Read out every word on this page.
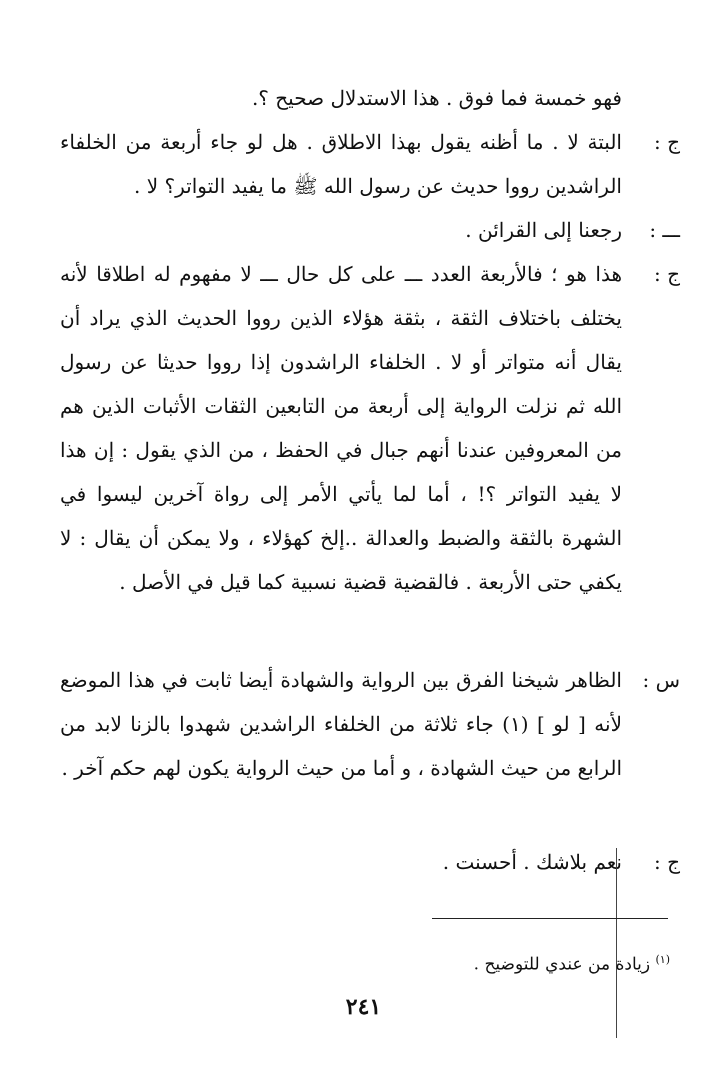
فهو خمسة فما فوق . هذا الاستدلال صحيح ؟.
ج :
البتة لا . ما أظنه يقول بهذا الاطلاق . هل لو جاء أربعة من الخلفاء الراشدين رووا حديث عن رسول الله ﷺ ما يفيد التواتر؟ لا .
ـــ :
رجعنا إلى القرائن .
ج :
هذا هو ؛ فالأربعة العدد ـــ على كل حال ـــ لا مفهوم له اطلاقا لأنه يختلف باختلاف الثقة ، بثقة هؤلاء الذين رووا الحديث الذي يراد أن يقال أنه متواتر أو لا . الخلفاء الراشدون إذا رووا حديثا عن رسول الله ثم نزلت الرواية إلى أربعة من التابعين الثقات الأثبات الذين هم من المعروفين عندنا أنهم جبال في الحفظ ، من الذي يقول : إن هذا لا يفيد التواتر ؟! ، أما لما يأتي الأمر إلى رواة آخرين ليسوا في الشهرة بالثقة والضبط والعدالة ..إلخ كهؤلاء ، ولا يمكن أن يقال : لا يكفي حتى الأربعة . فالقضية قضية نسبية كما قيل في الأصل .
س :
الظاهر شيخنا الفرق بين الرواية والشهادة أيضا ثابت في هذا الموضع لأنه [ لو ] (١) جاء ثلاثة من الخلفاء الراشدين شهدوا بالزنا لابد من الرابع من حيث الشهادة ، و أما من حيث الرواية يكون لهم حكم آخر .
ج :
نعم بلاشك . أحسنت .
$^{(١)}$ زيادة من عندي للتوضيح .
٢٤١
